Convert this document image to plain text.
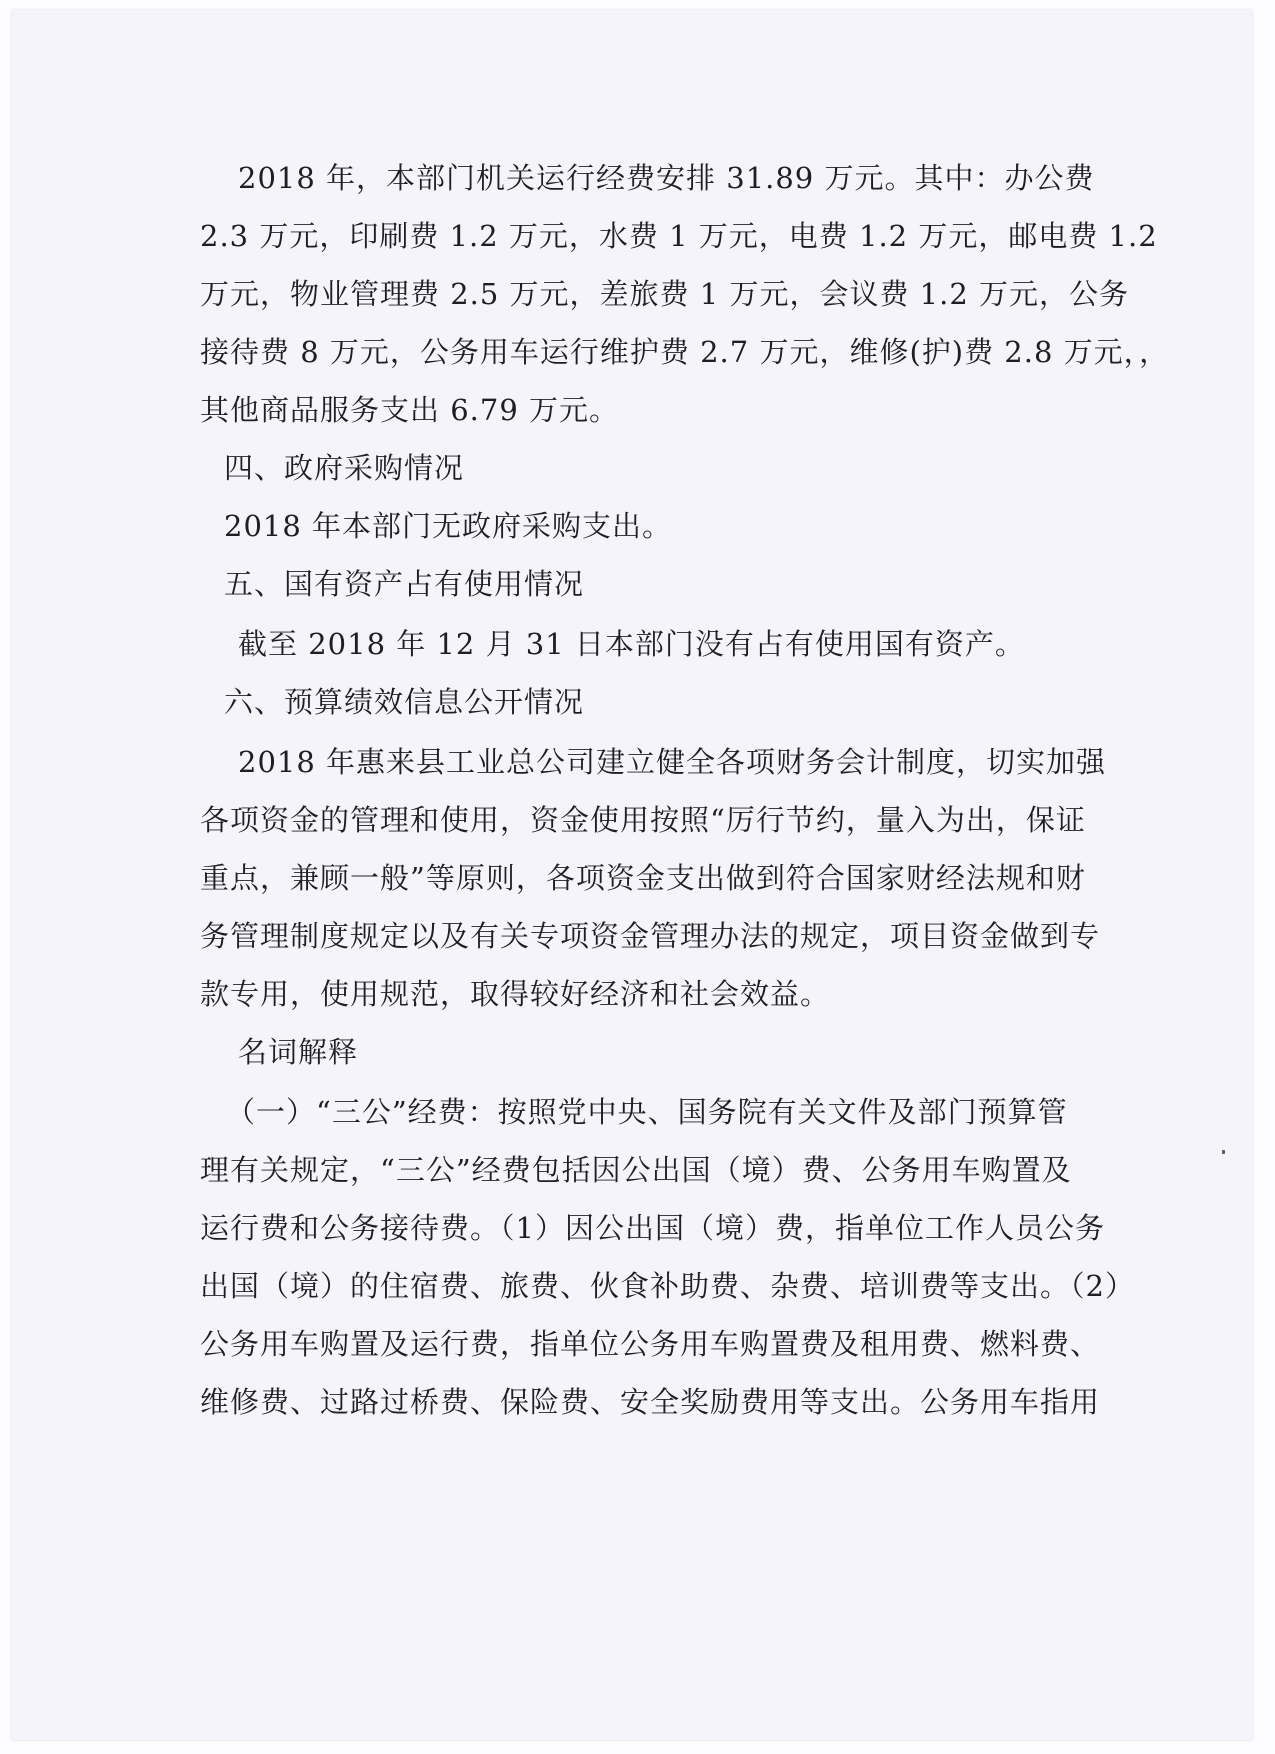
2018 年，本部门机关运行经费安排 31.89 万元。其中：办公费
2.3 万元，印刷费 1.2 万元，水费 1 万元，电费 1.2 万元，邮电费 1.2
万元，物业管理费 2.5 万元，差旅费 1 万元，会议费 1.2 万元，公务
接待费 8 万元，公务用车运行维护费 2.7 万元，维修(护)费 2.8 万元，，
其他商品服务支出 6.79 万元。
四、政府采购情况
2018 年本部门无政府采购支出。
五、国有资产占有使用情况
截至 2018 年 12 月 31 日本部门没有占有使用国有资产。
六、预算绩效信息公开情况
2018 年惠来县工业总公司建立健全各项财务会计制度，切实加强
各项资金的管理和使用，资金使用按照“厉行节约，量入为出，保证
重点，兼顾一般”等原则，各项资金支出做到符合国家财经法规和财
务管理制度规定以及有关专项资金管理办法的规定，项目资金做到专
款专用，使用规范，取得较好经济和社会效益。
名词解释
（一）“三公”经费：按照党中央、国务院有关文件及部门预算管
理有关规定，“三公”经费包括因公出国（境）费、公务用车购置及
运行费和公务接待费。（1）因公出国（境）费，指单位工作人员公务
出国（境）的住宿费、旅费、伙食补助费、杂费、培训费等支出。（2）
公务用车购置及运行费，指单位公务用车购置费及租用费、燃料费、
维修费、过路过桥费、保险费、安全奖励费用等支出。公务用车指用
